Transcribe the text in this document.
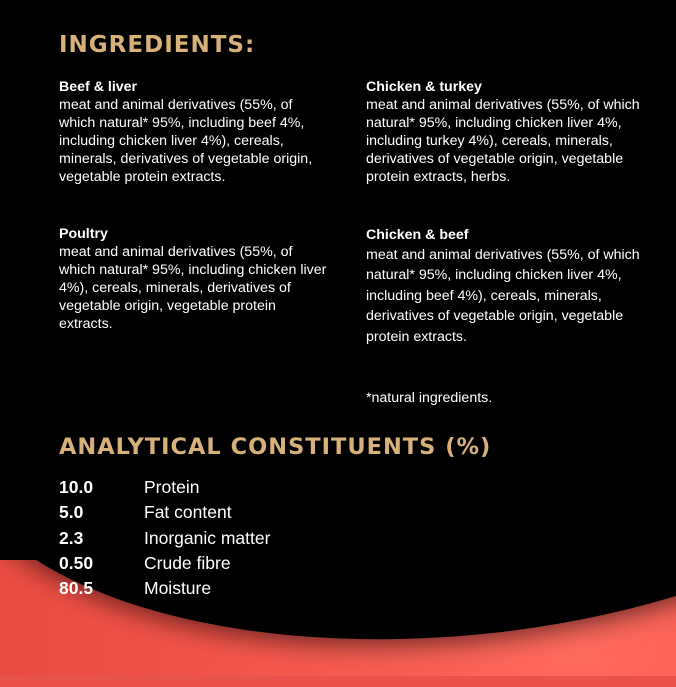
INGREDIENTS:
Beef & liver
meat and animal derivatives (55%, of which natural* 95%, including beef 4%, including chicken liver 4%), cereals, minerals, derivatives of vegetable origin, vegetable protein extracts.
Poultry
meat and animal derivatives (55%, of which natural* 95%, including chicken liver 4%), cereals, minerals, derivatives of vegetable origin, vegetable protein extracts.
Chicken & turkey
meat and animal derivatives (55%, of which natural* 95%, including chicken liver 4%, including turkey 4%), cereals, minerals, derivatives of vegetable origin, vegetable protein extracts, herbs.
Chicken & beef
meat and animal derivatives (55%, of which natural* 95%, including chicken liver 4%, including beef 4%), cereals, minerals, derivatives of vegetable origin, vegetable protein extracts.
*natural ingredients.
ANALYTICAL CONSTITUENTS (%)
10.0	Protein
5.0	Fat content
2.3	Inorganic matter
0.50	Crude fibre
80.5	Moisture
